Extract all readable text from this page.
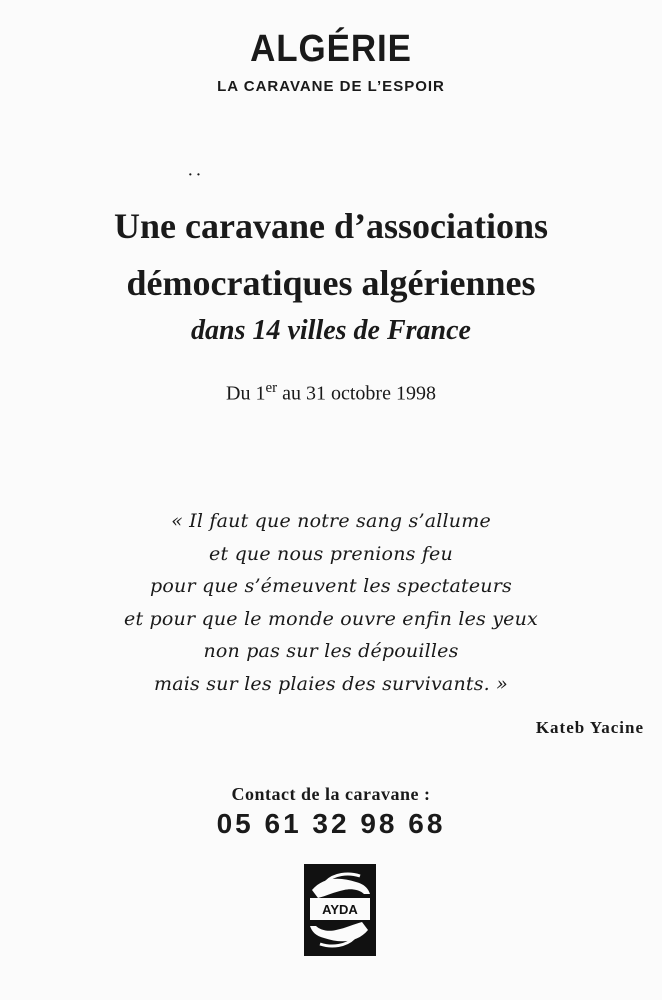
ALGÉRIE
LA CARAVANE DE L’ESPOIR
· ·
Une caravane d’associations
démocratiques algériennes
dans 14 villes de France
Du 1er au 31 octobre 1998
« Il faut que notre sang s’allume
et que nous prenions feu
pour que s’émeuvent les spectateurs
et pour que le monde ouvre enfin les yeux
non pas sur les dépouilles
mais sur les plaies des survivants. »
Kateb Yacine
Contact de la caravane :
05 61 32 98 68
AYDA
